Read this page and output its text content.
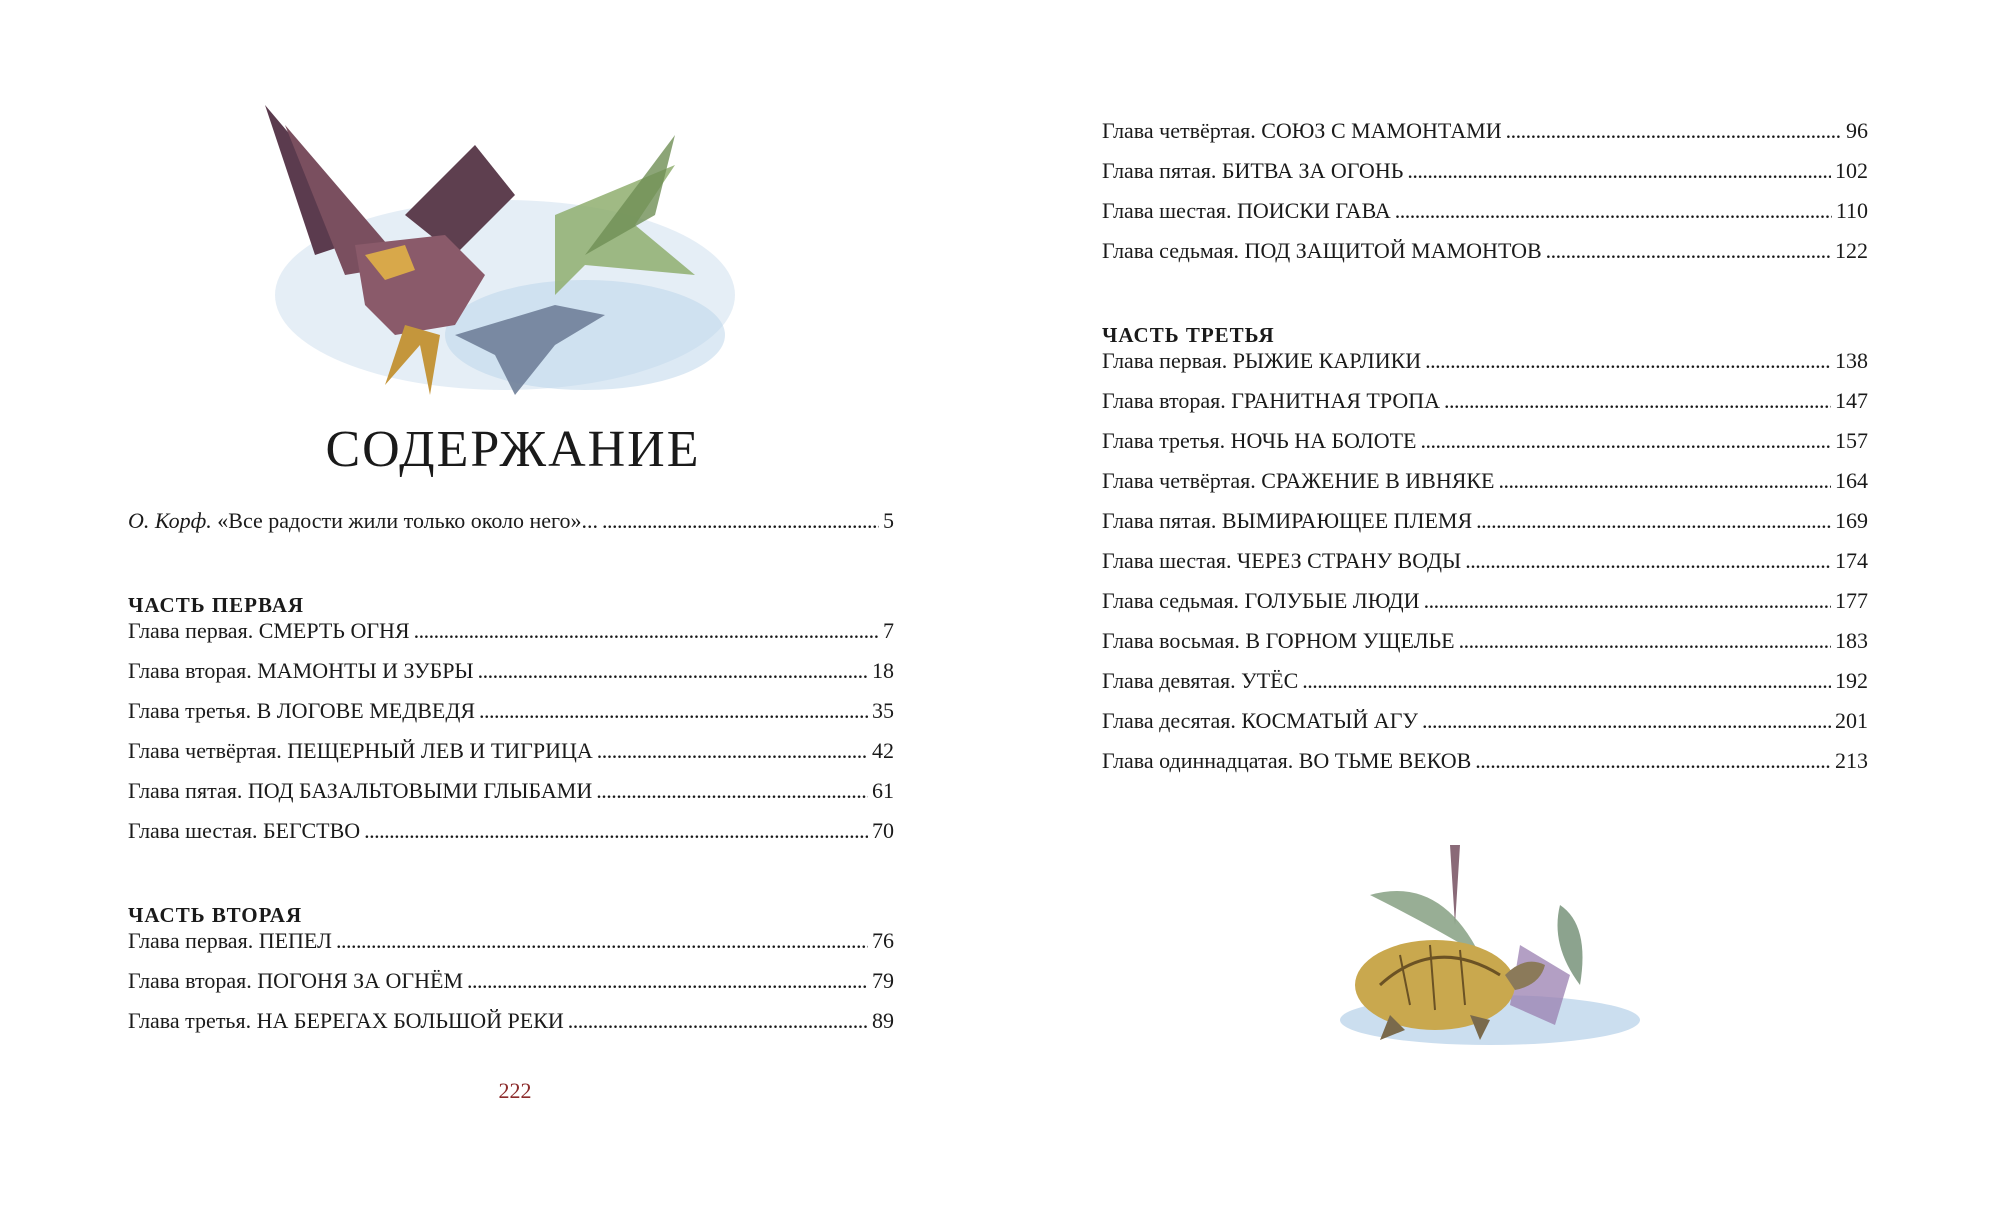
СОДЕРЖАНИЕ
О. Корф. «Все радости жили только около него»... . . .	5
ЧАСТЬ ПЕРВАЯ
Глава первая. СМЕРТЬ ОГНЯ . . .	7
Глава вторая. МАМОНТЫ И ЗУБРЫ . . .	18
Глава третья. В ЛОГОВЕ МЕДВЕДЯ . . .	35
Глава четвёртая. ПЕЩЕРНЫЙ ЛЕВ И ТИГРИЦА . . .	42
Глава пятая. ПОД БАЗАЛЬТОВЫМИ ГЛЫБАМИ . . .	61
Глава шестая. БЕГСТВО . . .	70
ЧАСТЬ ВТОРАЯ
Глава первая. ПЕПЕЛ . . .	76
Глава вторая. ПОГОНЯ ЗА ОГНЁМ . . .	79
Глава третья. НА БЕРЕГАХ БОЛЬШОЙ РЕКИ . . .	89
222
Глава четвёртая. СОЮЗ С МАМОНТАМИ . . .	96
Глава пятая. БИТВА ЗА ОГОНЬ . . .	102
Глава шестая. ПОИСКИ ГАВА . . .	110
Глава седьмая. ПОД ЗАЩИТОЙ МАМОНТОВ . . .	122
ЧАСТЬ ТРЕТЬЯ
Глава первая. РЫЖИЕ КАРЛИКИ . . .	138
Глава вторая. ГРАНИТНАЯ ТРОПА . . .	147
Глава третья. НОЧЬ НА БОЛОТЕ . . .	157
Глава четвёртая. СРАЖЕНИЕ В ИВНЯКЕ . . .	164
Глава пятая. ВЫМИРАЮЩЕЕ ПЛЕМЯ . . .	169
Глава шестая. ЧЕРЕЗ СТРАНУ ВОДЫ . . .	174
Глава седьмая. ГОЛУБЫЕ ЛЮДИ . . .	177
Глава восьмая. В ГОРНОМ УЩЕЛЬЕ . . .	183
Глава девятая. УТЁС . . .	192
Глава десятая. КОСМАТЫЙ АГУ . . .	201
Глава одиннадцатая. ВО ТЬМЕ ВЕКОВ . . .	213
